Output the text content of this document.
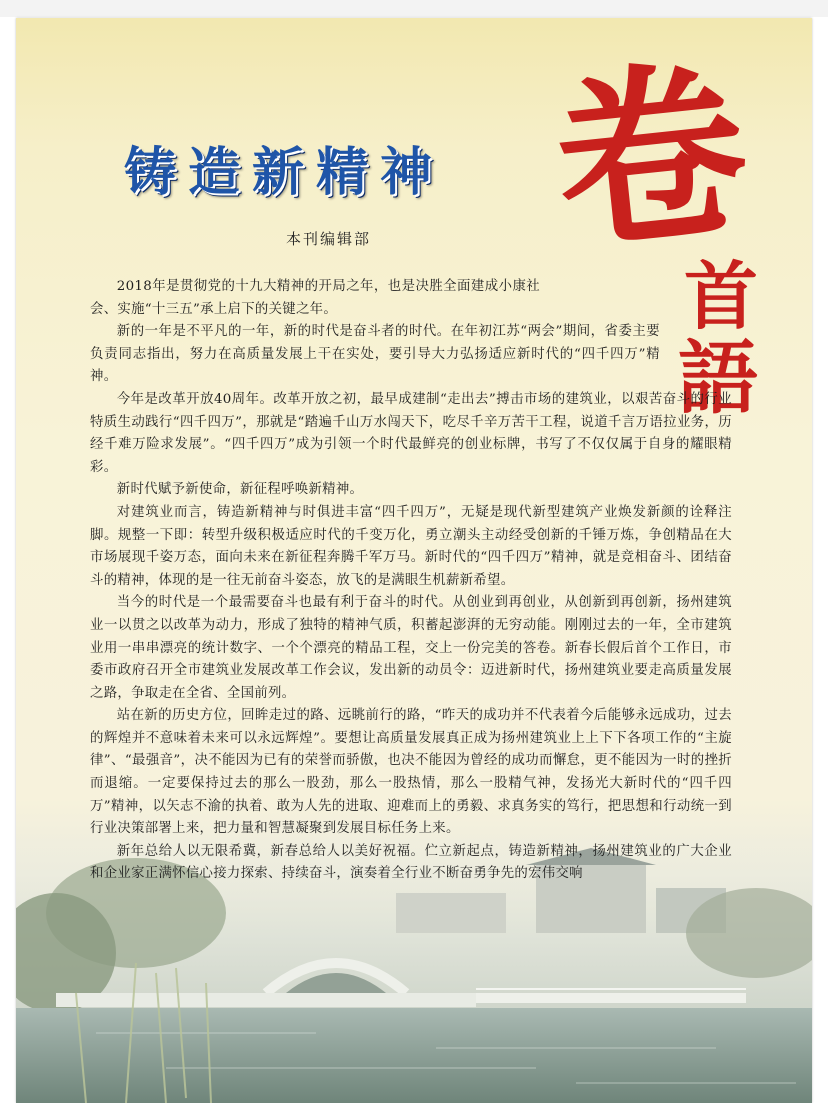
铸造新精神
本刊编辑部 卷
首
語

2018年是贯彻党的十九大精神的开局之年，也是决胜全面建成小康社会、实施“十三五”承上启下的关键之年。

新的一年是不平凡的一年，新的时代是奋斗者的时代。在年初江苏“两会”期间，省委主要负责同志指出，努力在高质量发展上干在实处，要引导大力弘扬适应新时代的“四千四万”精神。

今年是改革开放40周年。改革开放之初，最早成建制“走出去”搏击市场的建筑业，以艰苦奋斗的行业特质生动践行“四千四万”，那就是“踏遍千山万水闯天下，吃尽千辛万苦干工程，说道千言万语拉业务，历经千难万险求发展”。“四千四万”成为引领一个时代最鲜亮的创业标牌，书写了不仅仅属于自身的耀眼精彩。

新时代赋予新使命，新征程呼唤新精神。

对建筑业而言，铸造新精神与时俱进丰富“四千四万”，无疑是现代新型建筑产业焕发新颜的诠释注脚。规整一下即：转型升级积极适应时代的千变万化，勇立潮头主动经受创新的千锤万炼，争创精品在大市场展现千姿万态，面向未来在新征程奔腾千军万马。新时代的“四千四万”精神，就是竞相奋斗、团结奋斗的精神，体现的是一往无前奋斗姿态，放飞的是满眼生机薪新希望。

当今的时代是一个最需要奋斗也最有利于奋斗的时代。从创业到再创业，从创新到再创新，扬州建筑业一以贯之以改革为动力，形成了独特的精神气质，积蓄起澎湃的无穷动能。刚刚过去的一年，全市建筑业用一串串漂亮的统计数字、一个个漂亮的精品工程，交上一份完美的答卷。新春长假后首个工作日，市委市政府召开全市建筑业发展改革工作会议，发出新的动员令：迈进新时代，扬州建筑业要走高质量发展之路，争取走在全省、全国前列。

站在新的历史方位，回眸走过的路、远眺前行的路，“昨天的成功并不代表着今后能够永远成功，过去的辉煌并不意味着未来可以永远辉煌”。要想让高质量发展真正成为扬州建筑业上上下下各项工作的“主旋律”、“最强音”，决不能因为已有的荣誉而骄傲，也决不能因为曾经的成功而懈怠，更不能因为一时的挫折而退缩。一定要保持过去的那么一股劲，那么一股热情，那么一股精气神，发扬光大新时代的“四千四万”精神，以矢志不渝的执着、敢为人先的进取、迎难而上的勇毅、求真务实的笃行，把思想和行动统一到行业决策部署上来，把力量和智慧凝聚到发展目标任务上来。

新年总给人以无限希冀，新春总给人以美好祝福。伫立新起点，铸造新精神，扬州建筑业的广大企业和企业家正满怀信心接力探索、持续奋斗，演奏着全行业不断奋勇争先的宏伟交响
